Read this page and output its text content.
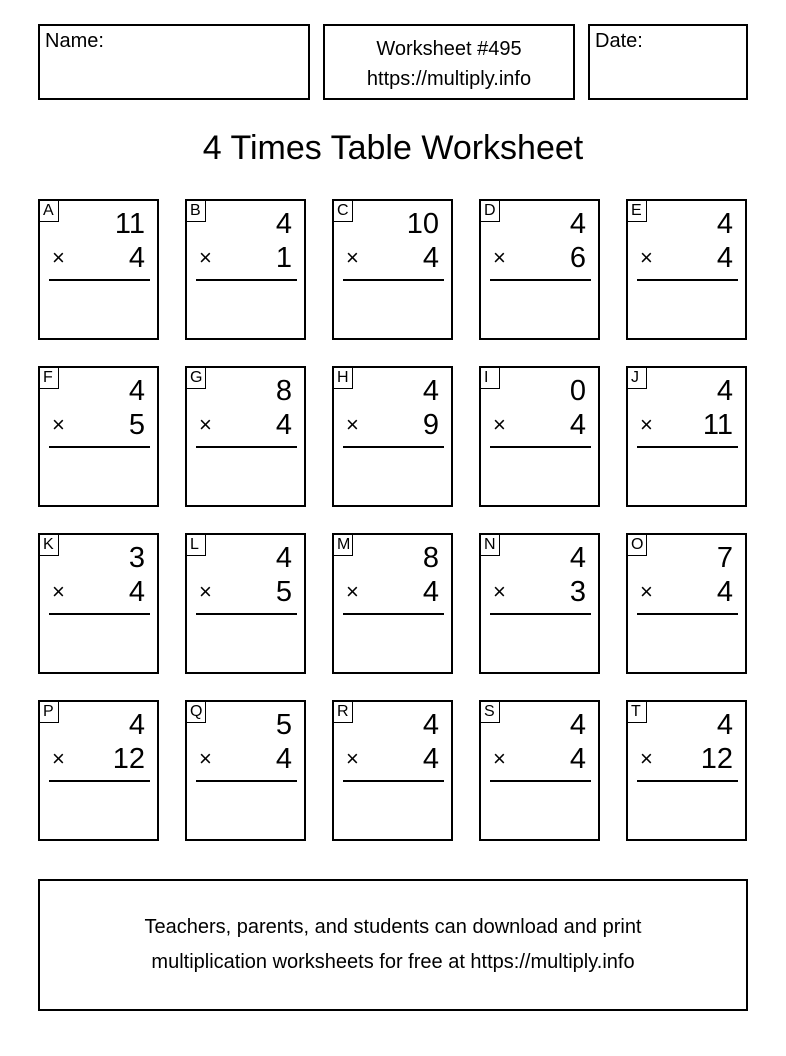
Name:	Worksheet #495
https://multiply.info
Date:
4 Times Table Worksheet
A 11
× 4
B	4
× 1
C 10
× 4
D	4
× 6
E	4
× 4
F	4
× 5
G	8
× 4
H	4
× 9
I	0
× 4
J	4
× 11
K	3
× 4
L	4
× 5
M	8
× 4
N	4
× 3
O	7
× 4
P	4
× 12
Q	5
× 4
R	4
× 4
S	4
× 4
T	4
× 12
Teachers, parents, and students can download and print
multiplication worksheets for free at https://multiply.info
